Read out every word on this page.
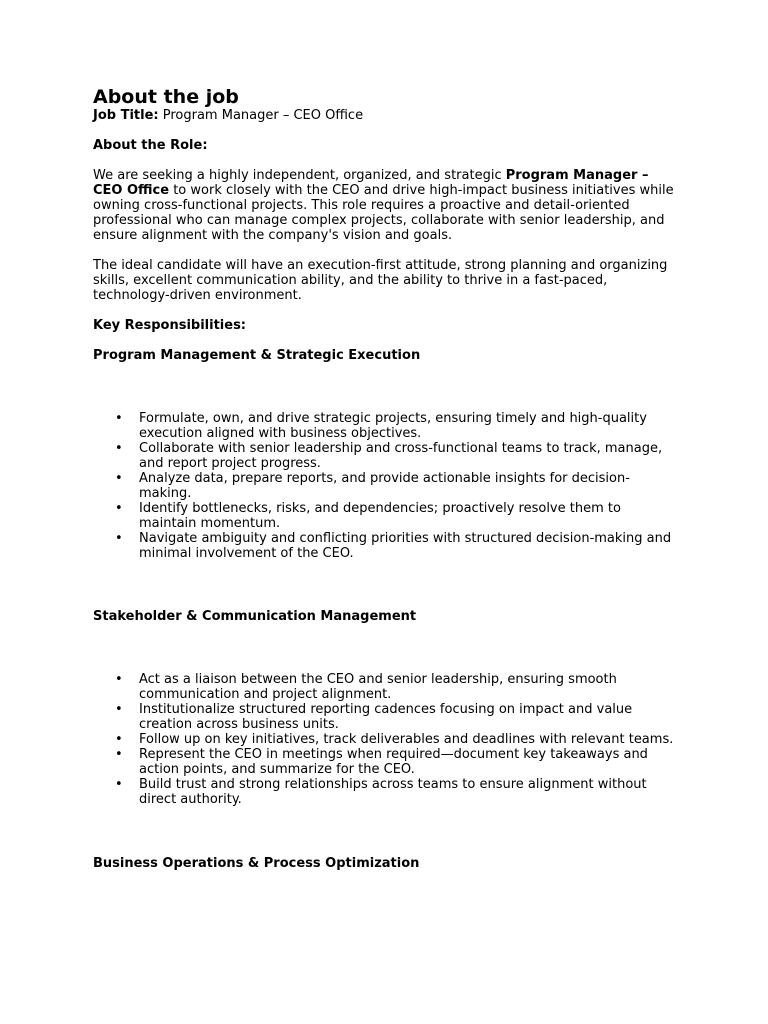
About the job

Job Title: Program Manager – CEO Office

About the Role:

We are seeking a highly independent, organized, and strategic Program Manager – CEO Office to work closely with the CEO and drive high-impact business initiatives while owning cross-functional projects. This role requires a proactive and detail-oriented professional who can manage complex projects, collaborate with senior leadership, and ensure alignment with the company's vision and goals.

The ideal candidate will have an execution-first attitude, strong planning and organizing skills, excellent communication ability, and the ability to thrive in a fast-paced, technology-driven environment.

Key Responsibilities:

Program Management & Strategic Execution

• Formulate, own, and drive strategic projects, ensuring timely and high-quality execution aligned with business objectives.
• Collaborate with senior leadership and cross-functional teams to track, manage, and report project progress.
• Analyze data, prepare reports, and provide actionable insights for decision-making.
• Identify bottlenecks, risks, and dependencies; proactively resolve them to maintain momentum.
• Navigate ambiguity and conflicting priorities with structured decision-making and minimal involvement of the CEO.

Stakeholder & Communication Management

• Act as a liaison between the CEO and senior leadership, ensuring smooth communication and project alignment.
• Institutionalize structured reporting cadences focusing on impact and value creation across business units.
• Follow up on key initiatives, track deliverables and deadlines with relevant teams.
• Represent the CEO in meetings when required—document key takeaways and action points, and summarize for the CEO.
• Build trust and strong relationships across teams to ensure alignment without direct authority.

Business Operations & Process Optimization
